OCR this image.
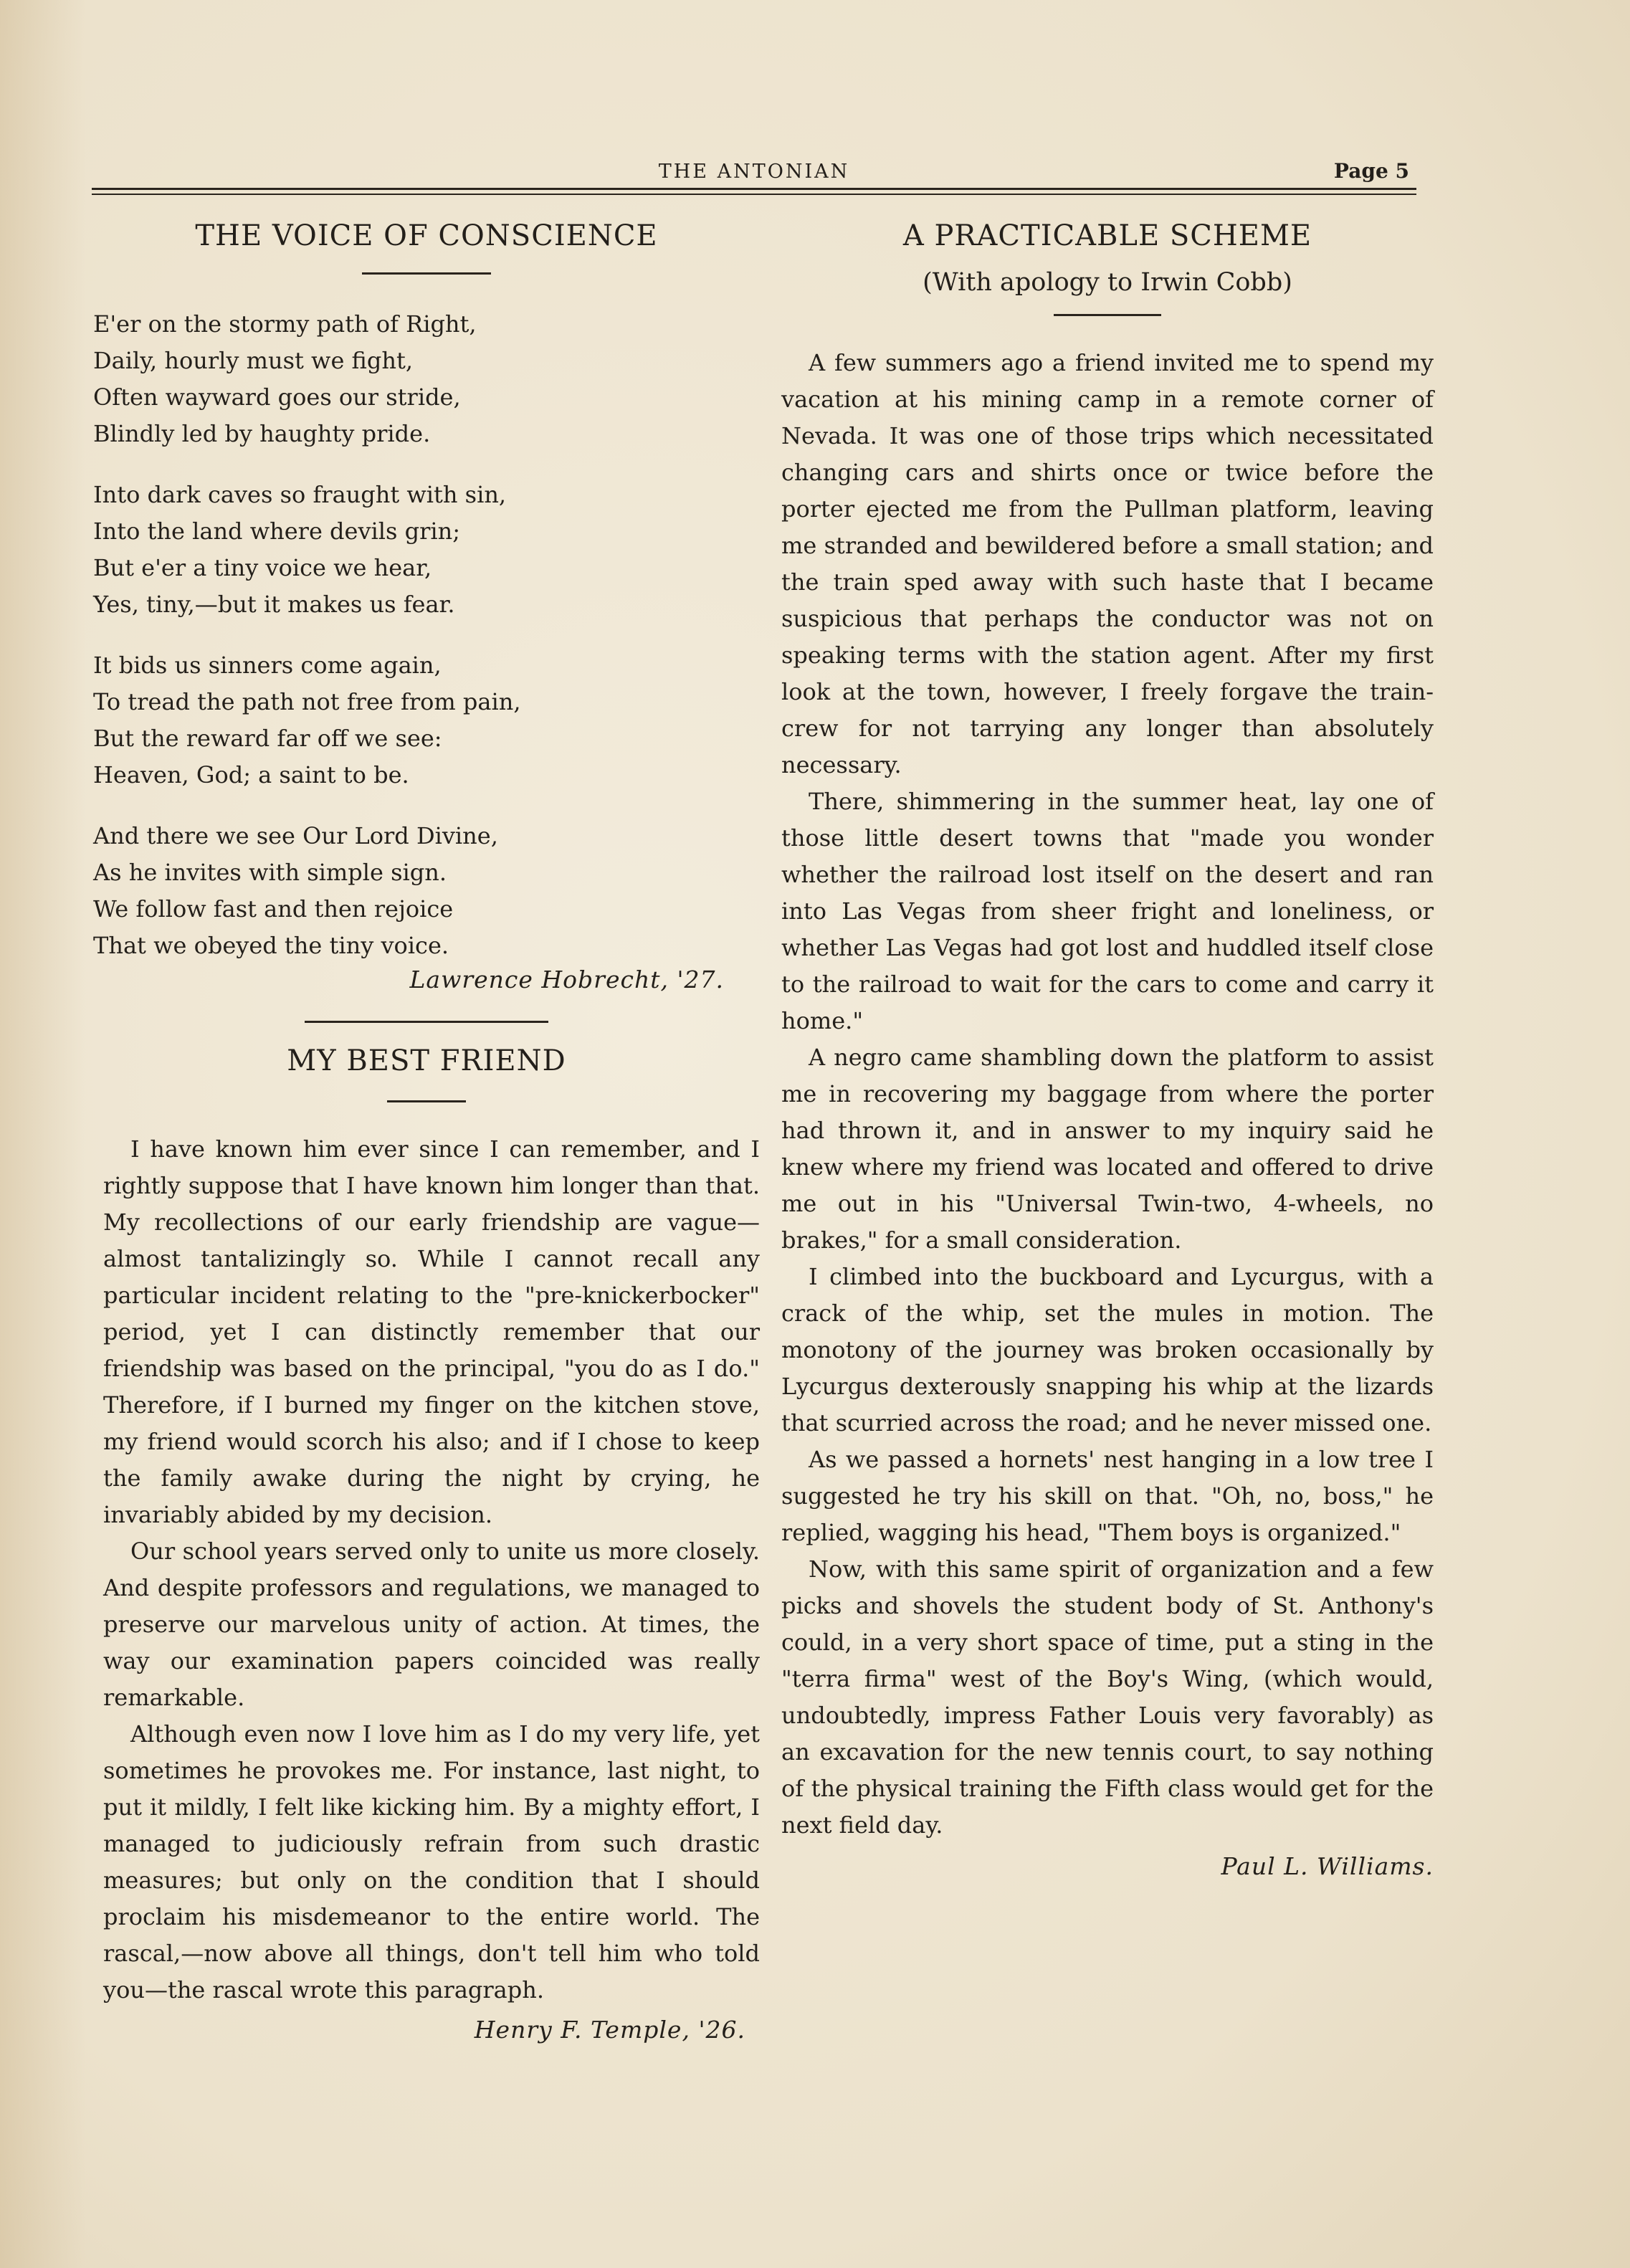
THE ANTONIAN	Page 5
THE VOICE OF CONSCIENCE
E'er on the stormy path of Right,
Daily, hourly must we fight,
Often wayward goes our stride,
Blindly led by haughty pride.
Into dark caves so fraught with sin,
Into the land where devils grin;
But e'er a tiny voice we hear,
Yes, tiny,—but it makes us fear.
It bids us sinners come again,
To tread the path not free from pain,
But the reward far off we see:
Heaven, God; a saint to be.
And there we see Our Lord Divine,
As he invites with simple sign.
We follow fast and then rejoice
That we obeyed the tiny voice.
Lawrence Hobrecht, '27.
MY BEST FRIEND

I have known him ever since I can remember, and I rightly suppose that I have known him longer than that. My recollections of our early friendship are vague—almost tantalizingly so. While I cannot recall any particular incident relating to the "pre-knickerbocker" period, yet I can distinctly remember that our friendship was based on the principal, "you do as I do." Therefore, if I burned my finger on the kitchen stove, my friend would scorch his also; and if I chose to keep the family awake during the night by crying, he invariably abided by my decision.

Our school years served only to unite us more closely. And despite professors and regulations, we managed to preserve our marvelous unity of action. At times, the way our examination papers coincided was really remarkable.

Although even now I love him as I do my very life, yet sometimes he provokes me. For instance, last night, to put it mildly, I felt like kicking him. By a mighty effort, I managed to judiciously refrain from such drastic measures; but only on the condition that I should proclaim his misdemeanor to the entire world. The rascal,—now above all things, don't tell him who told you—the rascal wrote this paragraph.

Henry F. Temple, '26.
A PRACTICABLE SCHEME
(With apology to Irwin Cobb)

A few summers ago a friend invited me to spend my vacation at his mining camp in a remote corner of Nevada. It was one of those trips which necessitated changing cars and shirts once or twice before the porter ejected me from the Pullman platform, leaving me stranded and bewildered before a small station; and the train sped away with such haste that I became suspicious that perhaps the conductor was not on speaking terms with the station agent. After my first look at the town, however, I freely forgave the train-crew for not tarrying any longer than absolutely necessary.

There, shimmering in the summer heat, lay one of those little desert towns that "made you wonder whether the railroad lost itself on the desert and ran into Las Vegas from sheer fright and loneliness, or whether Las Vegas had got lost and huddled itself close to the railroad to wait for the cars to come and carry it home."

A negro came shambling down the platform to assist me in recovering my baggage from where the porter had thrown it, and in answer to my inquiry said he knew where my friend was located and offered to drive me out in his "Universal Twin-two, 4-wheels, no brakes," for a small consideration.

I climbed into the buckboard and Lycurgus, with a crack of the whip, set the mules in motion. The monotony of the journey was broken occasionally by Lycurgus dexterously snapping his whip at the lizards that scurried across the road; and he never missed one.

As we passed a hornets' nest hanging in a low tree I suggested he try his skill on that. "Oh, no, boss," he replied, wagging his head, "Them boys is organized."

Now, with this same spirit of organization and a few picks and shovels the student body of St. Anthony's could, in a very short space of time, put a sting in the "terra firma" west of the Boy's Wing, (which would, undoubtedly, impress Father Louis very favorably) as an excavation for the new tennis court, to say nothing of the physical training the Fifth class would get for the next field day.

Paul L. Williams.
